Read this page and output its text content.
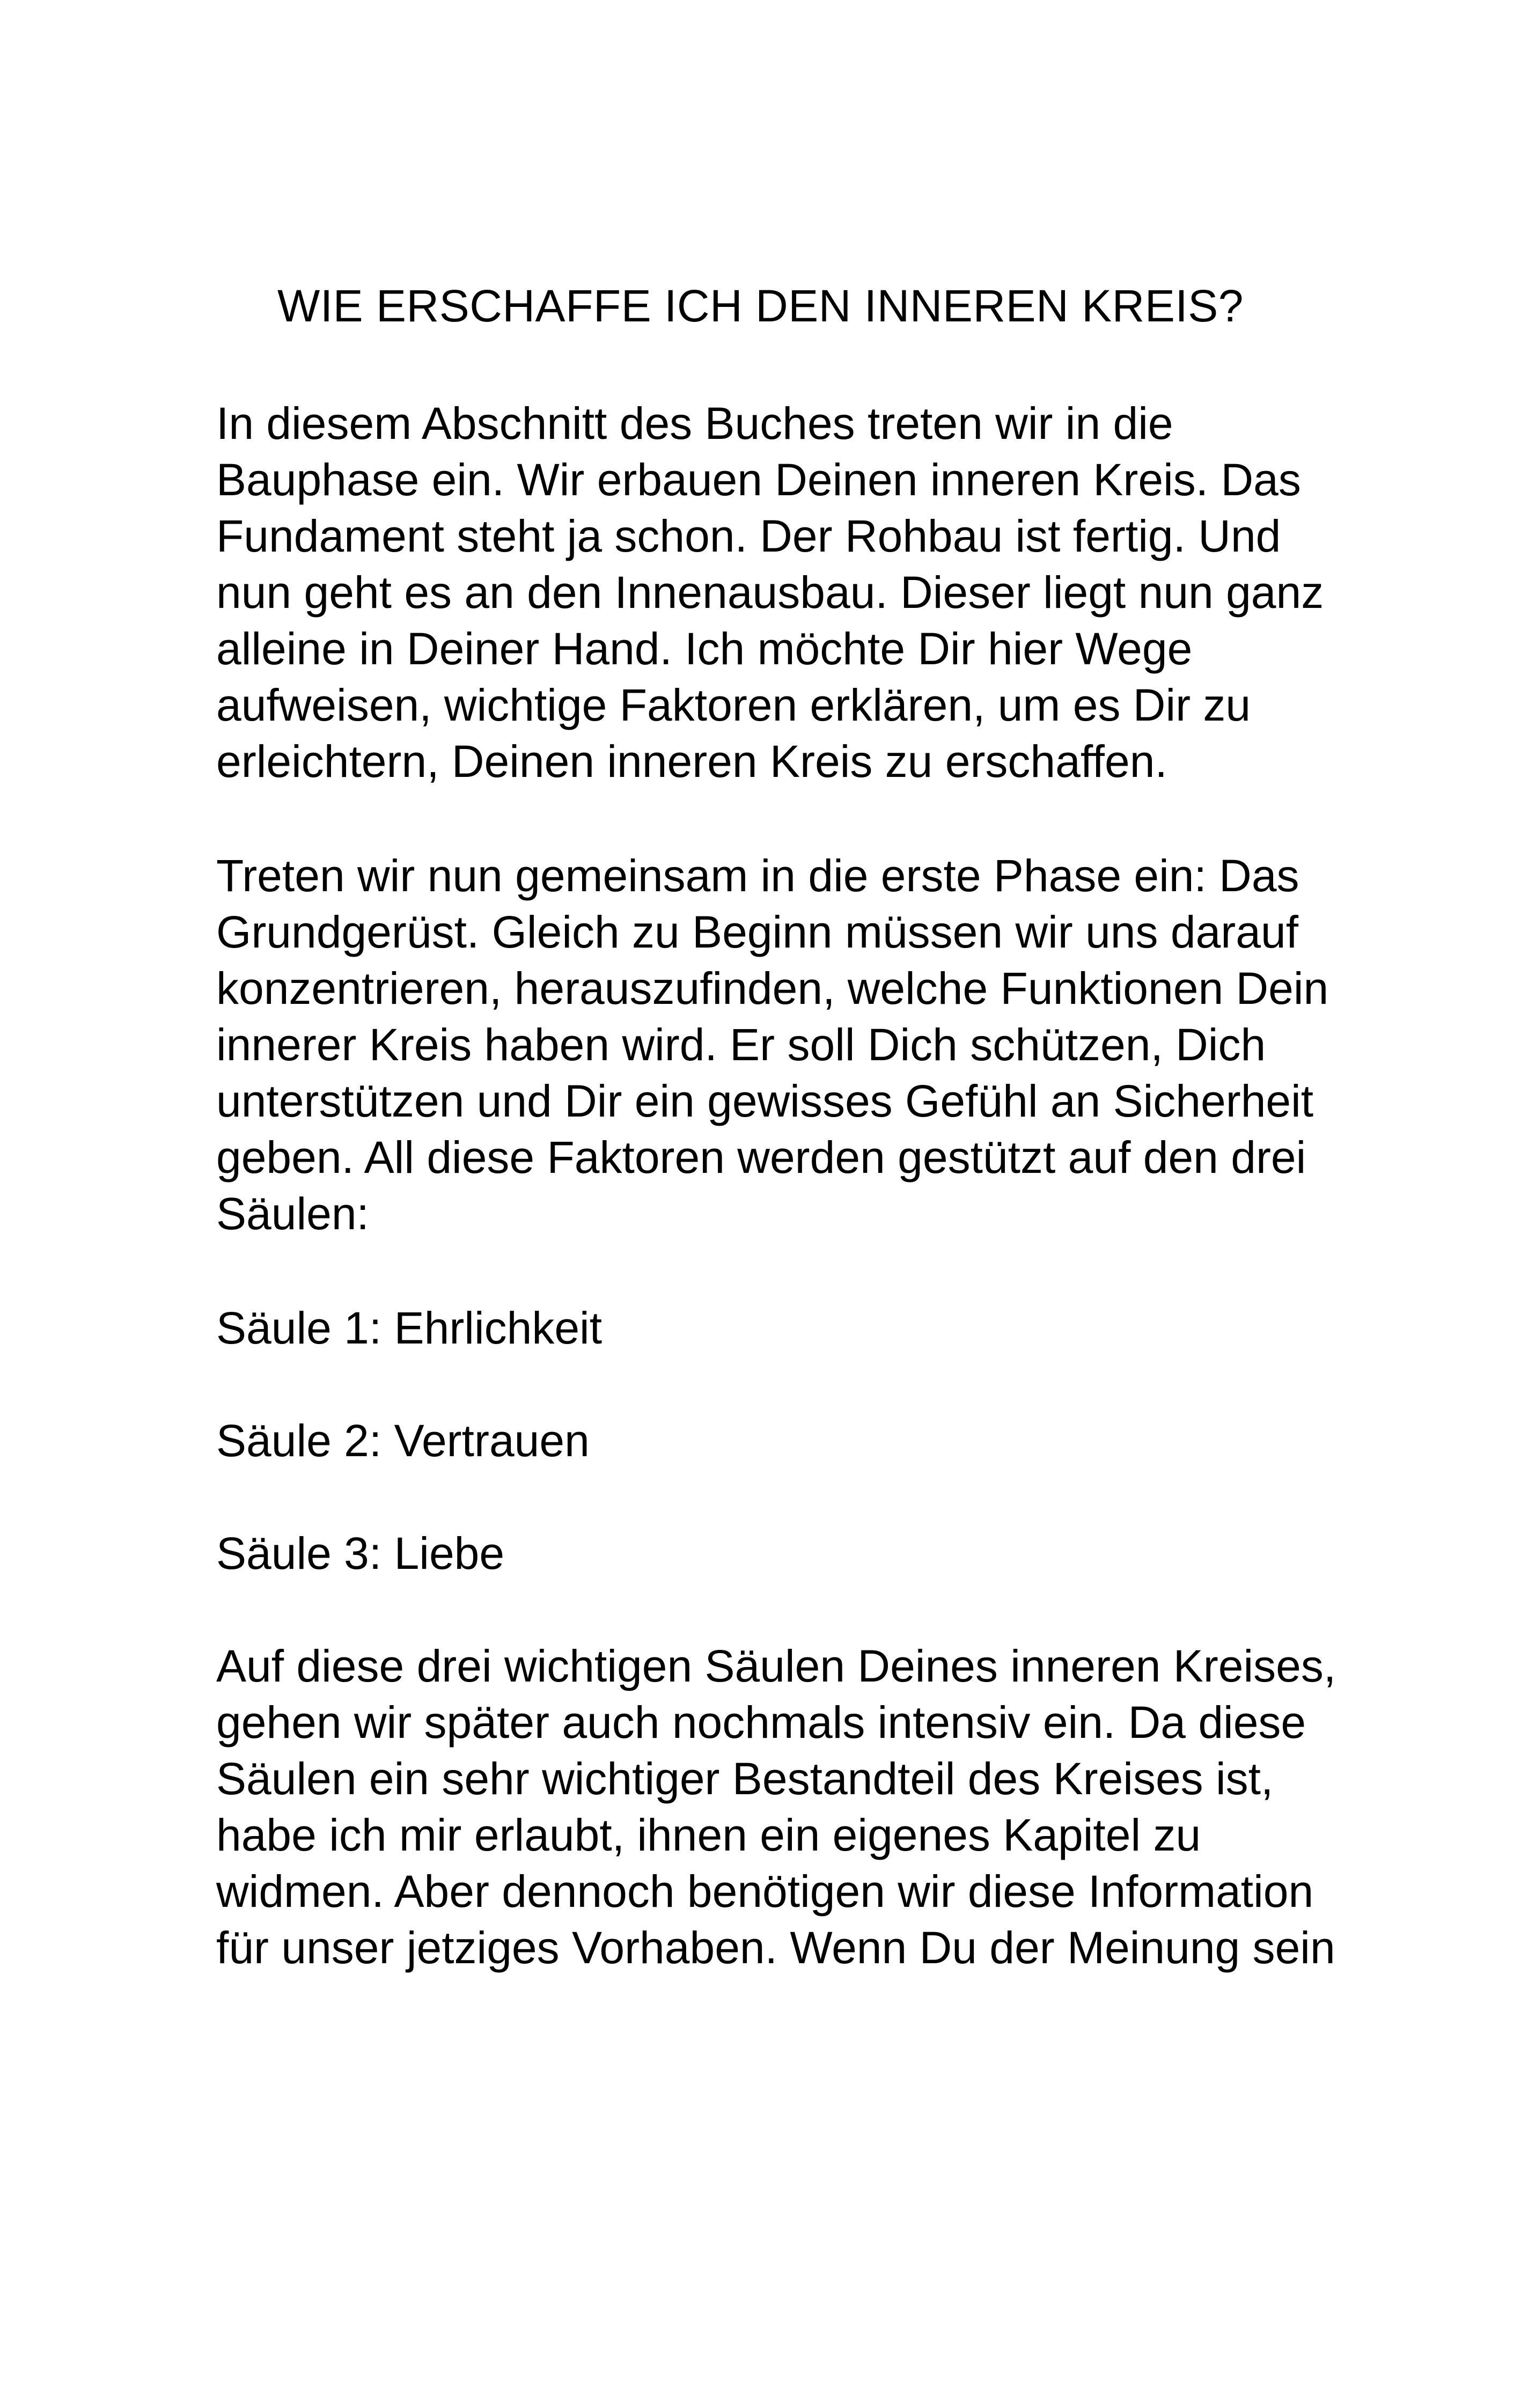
WIE ERSCHAFFE ICH DEN INNEREN KREIS?

In diesem Abschnitt des Buches treten wir in die
Bauphase ein. Wir erbauen Deinen inneren Kreis. Das
Fundament steht ja schon. Der Rohbau ist fertig. Und
nun geht es an den Innenausbau. Dieser liegt nun ganz
alleine in Deiner Hand. Ich möchte Dir hier Wege
aufweisen, wichtige Faktoren erklären, um es Dir zu
erleichtern, Deinen inneren Kreis zu erschaffen.

Treten wir nun gemeinsam in die erste Phase ein: Das
Grundgerüst. Gleich zu Beginn müssen wir uns darauf
konzentrieren, herauszufinden, welche Funktionen Dein
innerer Kreis haben wird. Er soll Dich schützen, Dich
unterstützen und Dir ein gewisses Gefühl an Sicherheit
geben. All diese Faktoren werden gestützt auf den drei
Säulen:

Säule 1: Ehrlichkeit

Säule 2: Vertrauen

Säule 3: Liebe

Auf diese drei wichtigen Säulen Deines inneren Kreises,
gehen wir später auch nochmals intensiv ein. Da diese
Säulen ein sehr wichtiger Bestandteil des Kreises ist,
habe ich mir erlaubt, ihnen ein eigenes Kapitel zu
widmen. Aber dennoch benötigen wir diese Information
für unser jetziges Vorhaben. Wenn Du der Meinung sein
